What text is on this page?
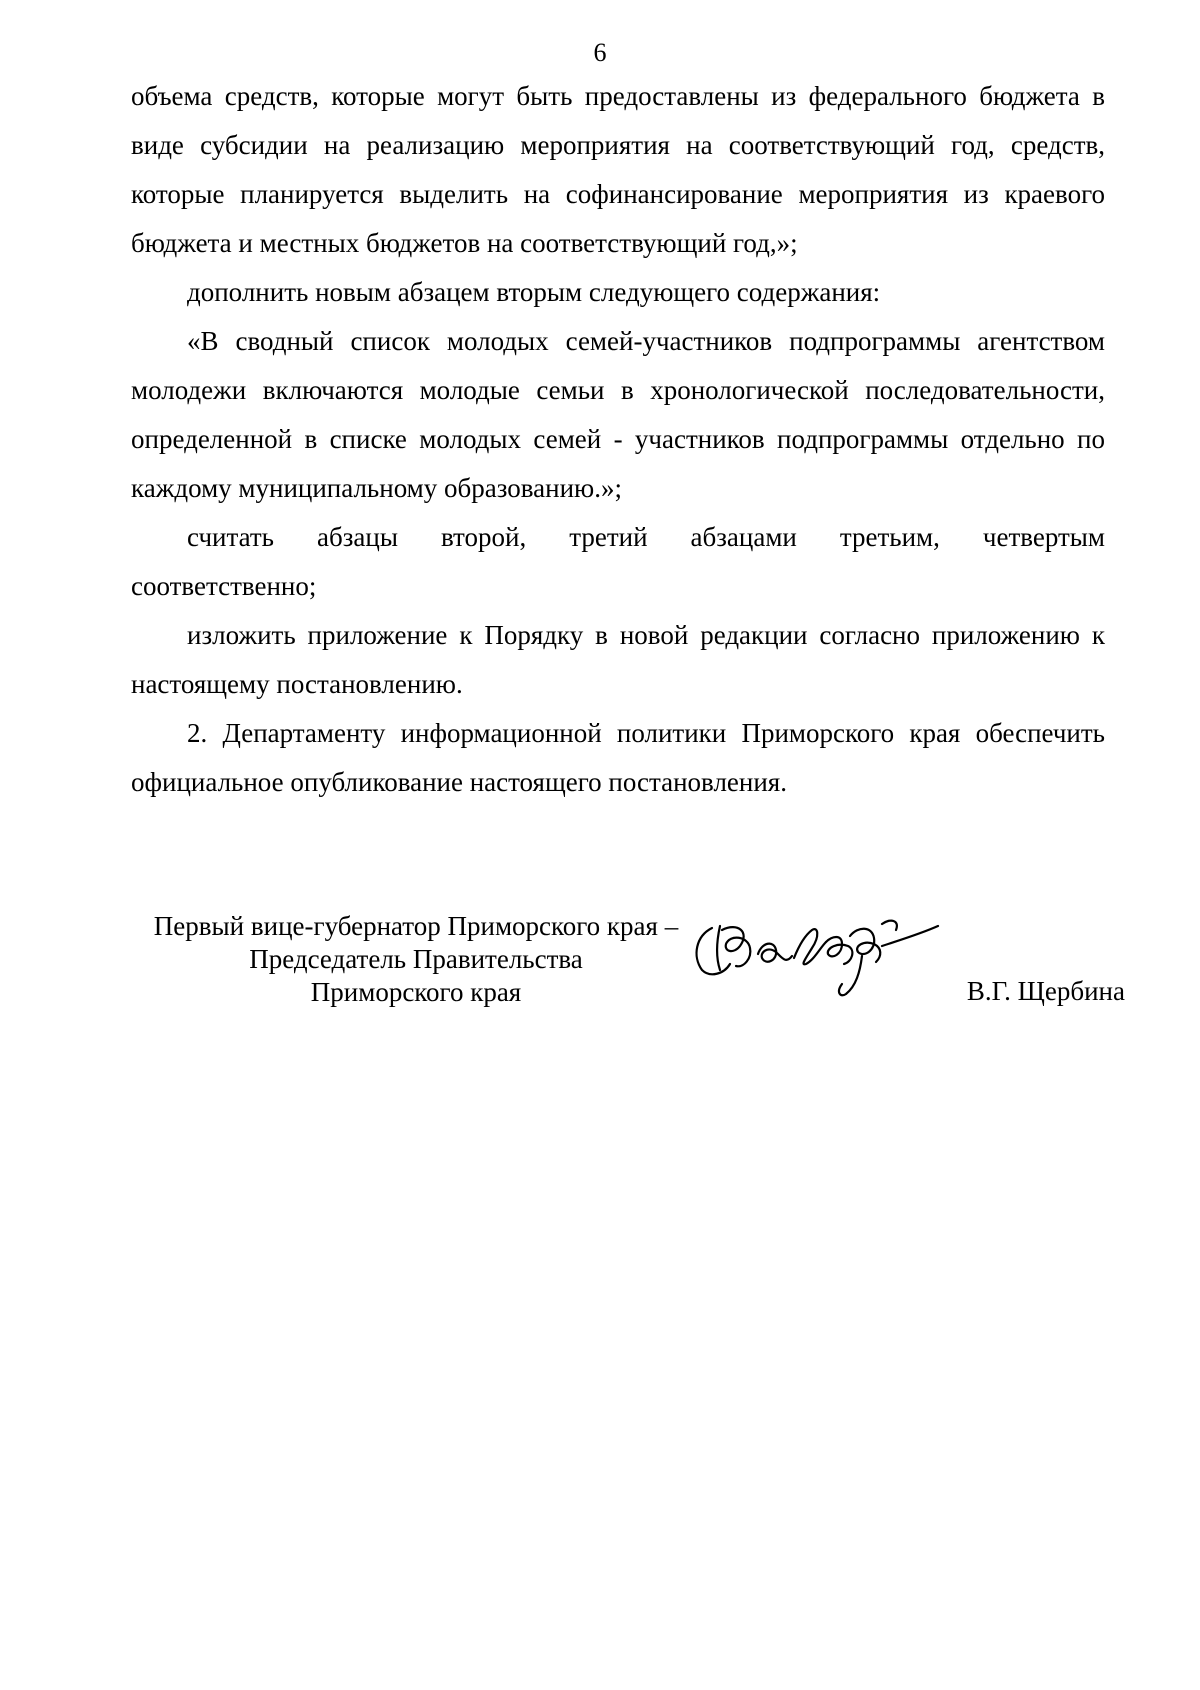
6

объема средств, которые могут быть предоставлены из федерального бюджета в

виде субсидии на реализацию мероприятия на соответствующий год, средств,

которые планируется выделить на софинансирование мероприятия из краевого

бюджета и местных бюджетов на соответствующий год,»;

дополнить новым абзацем вторым следующего содержания:

«В сводный список молодых семей-участников подпрограммы агентством молодежи включаются молодые семьи в хронологической последовательности, определенной в списке молодых семей - участников подпрограммы отдельно по каждому муниципальному образованию.»;

считать абзацы второй, третий абзацами третьим, четвертым

соответственно;

изложить приложение к Порядку в новой редакции согласно приложению к настоящему постановлению.

2. Департаменту информационной политики Приморского края обеспечить официальное опубликование настоящего постановления.

Первый вице-губернатор Приморского края –
Председатель Правительства
Приморского края	В.Г. Щербина
